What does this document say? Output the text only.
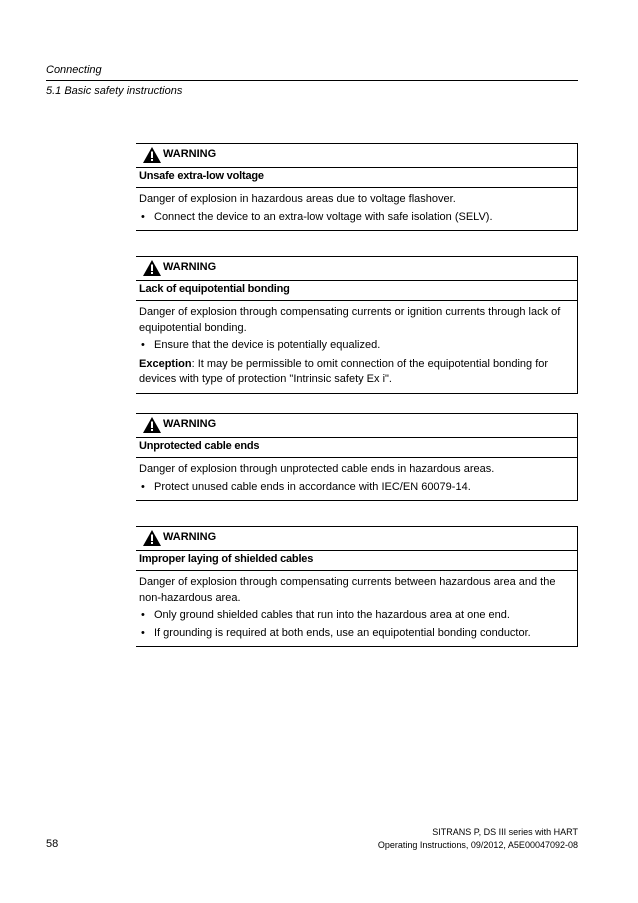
Connecting
5.1 Basic safety instructions
WARNING
Unsafe extra-low voltage
Danger of explosion in hazardous areas due to voltage flashover.
• Connect the device to an extra-low voltage with safe isolation (SELV).
WARNING
Lack of equipotential bonding
Danger of explosion through compensating currents or ignition currents through lack of equipotential bonding.
• Ensure that the device is potentially equalized.
Exception: It may be permissible to omit connection of the equipotential bonding for devices with type of protection "Intrinsic safety Ex i".
WARNING
Unprotected cable ends
Danger of explosion through unprotected cable ends in hazardous areas.
• Protect unused cable ends in accordance with IEC/EN 60079-14.
WARNING
Improper laying of shielded cables
Danger of explosion through compensating currents between hazardous area and the non-hazardous area.
• Only ground shielded cables that run into the hazardous area at one end.
• If grounding is required at both ends, use an equipotential bonding conductor.
58
SITRANS P, DS III series with HART
Operating Instructions, 09/2012, A5E00047092-08
